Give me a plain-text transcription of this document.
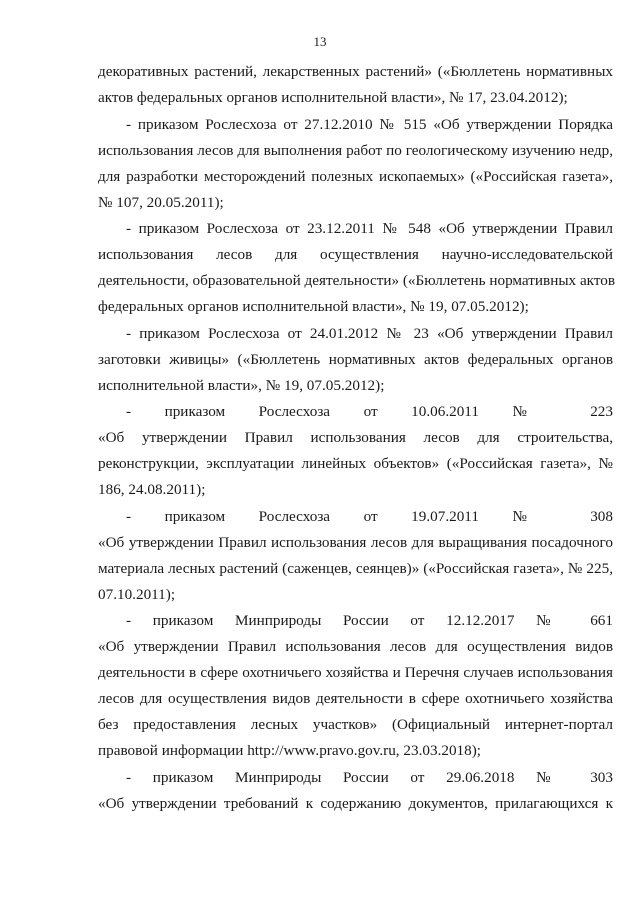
13
декоративных растений, лекарственных растений» («Бюллетень нормативных
актов федеральных органов исполнительной власти», № 17, 23.04.2012);
- приказом Рослесхоза от 27.12.2010 № 515 «Об утверждении Порядка
использования лесов для выполнения работ по геологическому изучению недр,
для разработки месторождений полезных ископаемых» («Российская газета»,
№ 107, 20.05.2011);
- приказом Рослесхоза от 23.12.2011 № 548 «Об утверждении Правил
использования лесов для осуществления научно-исследовательской
деятельности, образовательной деятельности» («Бюллетень нормативных актов
федеральных органов исполнительной власти», № 19, 07.05.2012);
- приказом Рослесхоза от 24.01.2012 № 23 «Об утверждении Правил
заготовки живицы» («Бюллетень нормативных актов федеральных органов
исполнительной власти», № 19, 07.05.2012);
- приказом Рослесхоза от 10.06.2011 № 223
«Об утверждении Правил использования лесов для строительства,
реконструкции, эксплуатации линейных объектов» («Российская газета», №
186, 24.08.2011);
- приказом Рослесхоза от 19.07.2011 № 308
«Об утверждении Правил использования лесов для выращивания посадочного
материала лесных растений (саженцев, сеянцев)» («Российская газета», № 225,
07.10.2011);
- приказом Минприроды России от 12.12.2017 № 661
«Об утверждении Правил использования лесов для осуществления видов
деятельности в сфере охотничьего хозяйства и Перечня случаев использования
лесов для осуществления видов деятельности в сфере охотничьего хозяйства
без предоставления лесных участков» (Официальный интернет-портал
правовой информации http://www.pravo.gov.ru, 23.03.2018);
- приказом Минприроды России от 29.06.2018 № 303
«Об утверждении требований к содержанию документов, прилагающихся к
